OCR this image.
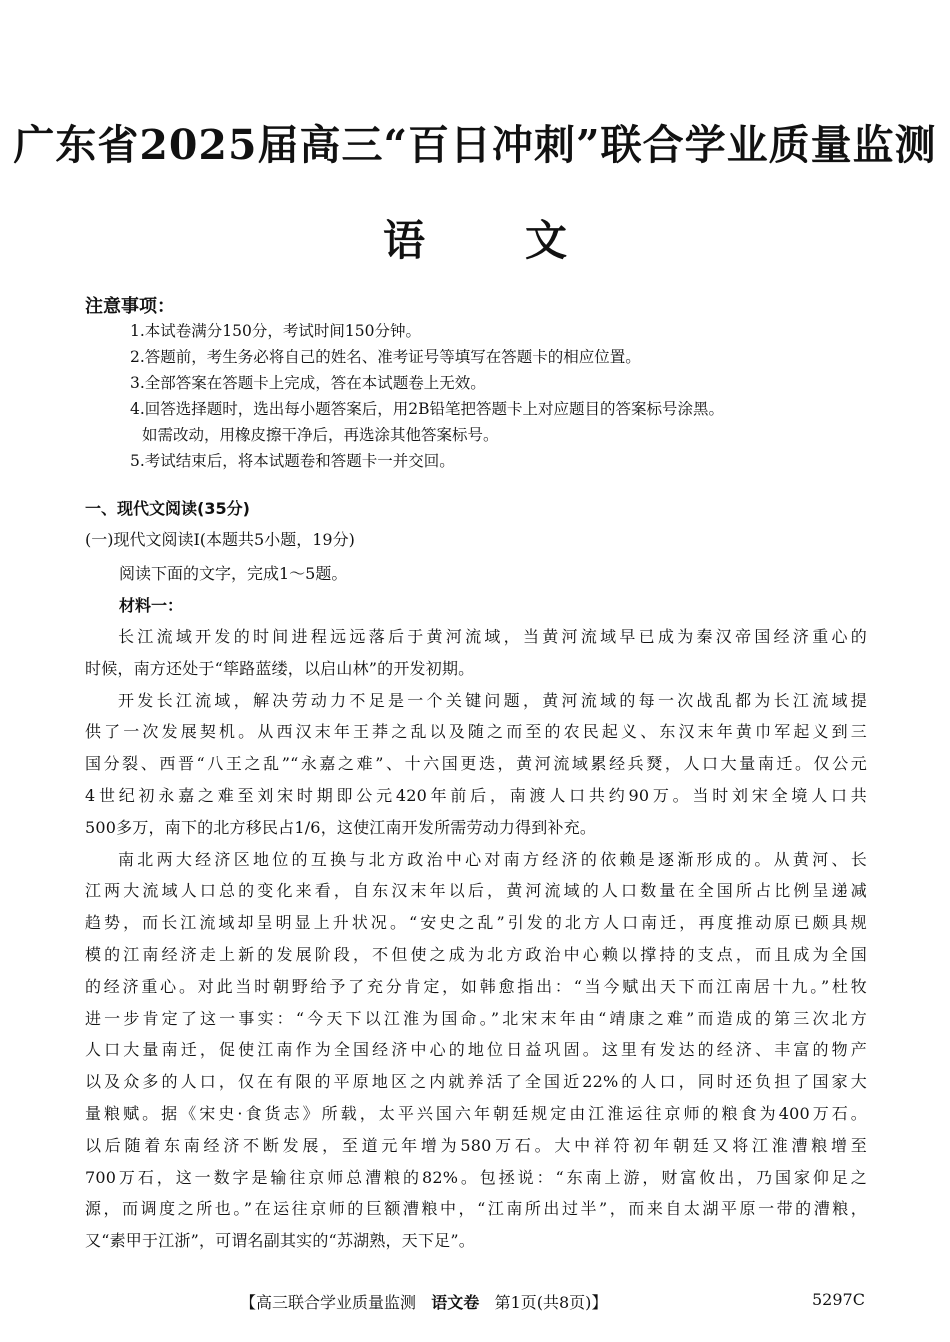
广东省2025届高三“百日冲刺”联合学业质量监测
语文
注意事项：
1.本试卷满分150分，考试时间150分钟。
2.答题前，考生务必将自己的姓名、准考证号等填写在答题卡的相应位置。
3.全部答案在答题卡上完成，答在本试题卷上无效。
4.回答选择题时，选出每小题答案后，用2B铅笔把答题卡上对应题目的答案标号涂黑。
如需改动，用橡皮擦干净后，再选涂其他答案标号。
5.考试结束后，将本试题卷和答题卡一并交回。
一、现代文阅读(35分)
(一)现代文阅读Ⅰ(本题共5小题，19分)
阅读下面的文字，完成1～5题。
材料一：
长江流域开发的时间进程远远落后于黄河流域，当黄河流域早已成为秦汉帝国经济重心的
时候，南方还处于“筚路蓝缕，以启山林”的开发初期。
开发长江流域，解决劳动力不足是一个关键问题，黄河流域的每一次战乱都为长江流域提
供了一次发展契机。从西汉末年王莽之乱以及随之而至的农民起义、东汉末年黄巾军起义到三
国分裂、西晋“八王之乱”“永嘉之难”、十六国更迭，黄河流域累经兵燹，人口大量南迁。仅公元
4世纪初永嘉之难至刘宋时期即公元420年前后，南渡人口共约90万。当时刘宋全境人口共
500多万，南下的北方移民占1/6，这使江南开发所需劳动力得到补充。
南北两大经济区地位的互换与北方政治中心对南方经济的依赖是逐渐形成的。从黄河、长
江两大流域人口总的变化来看，自东汉末年以后，黄河流域的人口数量在全国所占比例呈递减
趋势，而长江流域却呈明显上升状况。“安史之乱”引发的北方人口南迁，再度推动原已颇具规
模的江南经济走上新的发展阶段，不但使之成为北方政治中心赖以撑持的支点，而且成为全国
的经济重心。对此当时朝野给予了充分肯定，如韩愈指出：“当今赋出天下而江南居十九。”杜牧
进一步肯定了这一事实：“今天下以江淮为国命。”北宋末年由“靖康之难”而造成的第三次北方
人口大量南迁，促使江南作为全国经济中心的地位日益巩固。这里有发达的经济、丰富的物产
以及众多的人口，仅在有限的平原地区之内就养活了全国近22%的人口，同时还负担了国家大
量粮赋。据《宋史·食货志》所载，太平兴国六年朝廷规定由江淮运往京师的粮食为400万石。
以后随着东南经济不断发展，至道元年增为580万石。大中祥符初年朝廷又将江淮漕粮增至
700万石，这一数字是输往京师总漕粮的82%。包拯说：“东南上游，财富攸出，乃国家仰足之
源，而调度之所也。”在运往京师的巨额漕粮中，“江南所出过半”，而来自太湖平原一带的漕粮，
又“素甲于江浙”，可谓名副其实的“苏湖熟，天下足”。
【高三联合学业质量监测 语文卷 第1页(共8页)】	5297C
